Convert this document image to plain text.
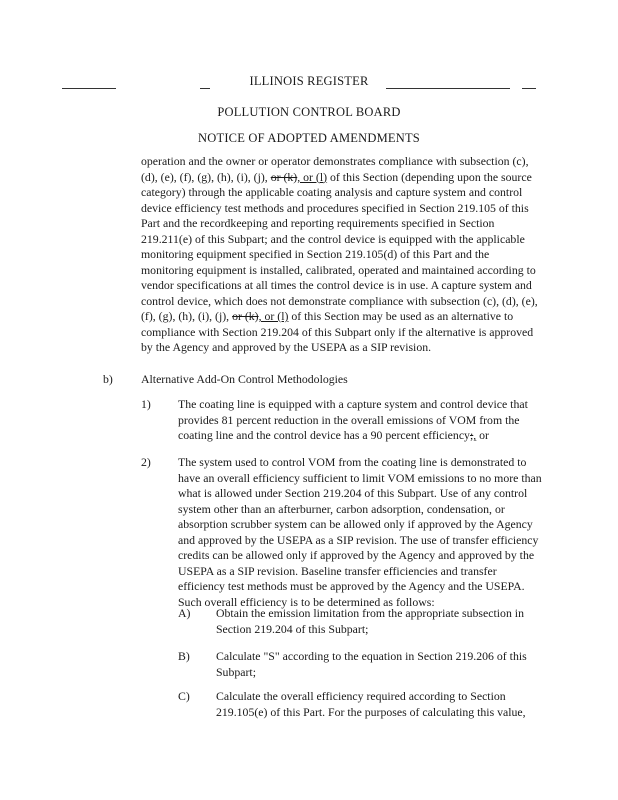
ILLINOIS REGISTER
POLLUTION CONTROL BOARD
NOTICE OF ADOPTED AMENDMENTS
operation and the owner or operator demonstrates compliance with subsection (c), (d), (e), (f), (g), (h), (i), (j), or (k), or (l) of this Section (depending upon the source category) through the applicable coating analysis and capture system and control device efficiency test methods and procedures specified in Section 219.105 of this Part and the recordkeeping and reporting requirements specified in Section 219.211(e) of this Subpart; and the control device is equipped with the applicable monitoring equipment specified in Section 219.105(d) of this Part and the monitoring equipment is installed, calibrated, operated and maintained according to vendor specifications at all times the control device is in use. A capture system and control device, which does not demonstrate compliance with subsection (c), (d), (e), (f), (g), (h), (i), (j), or (k), or (l) of this Section may be used as an alternative to compliance with Section 219.204 of this Subpart only if the alternative is approved by the Agency and approved by the USEPA as a SIP revision.
b) Alternative Add-On Control Methodologies
1) The coating line is equipped with a capture system and control device that provides 81 percent reduction in the overall emissions of VOM from the coating line and the control device has a 90 percent efficiency;, or
2) The system used to control VOM from the coating line is demonstrated to have an overall efficiency sufficient to limit VOM emissions to no more than what is allowed under Section 219.204 of this Subpart. Use of any control system other than an afterburner, carbon adsorption, condensation, or absorption scrubber system can be allowed only if approved by the Agency and approved by the USEPA as a SIP revision. The use of transfer efficiency credits can be allowed only if approved by the Agency and approved by the USEPA as a SIP revision. Baseline transfer efficiencies and transfer efficiency test methods must be approved by the Agency and the USEPA. Such overall efficiency is to be determined as follows:
A) Obtain the emission limitation from the appropriate subsection in Section 219.204 of this Subpart;
B) Calculate "S" according to the equation in Section 219.206 of this Subpart;
C) Calculate the overall efficiency required according to Section 219.105(e) of this Part. For the purposes of calculating this value,
